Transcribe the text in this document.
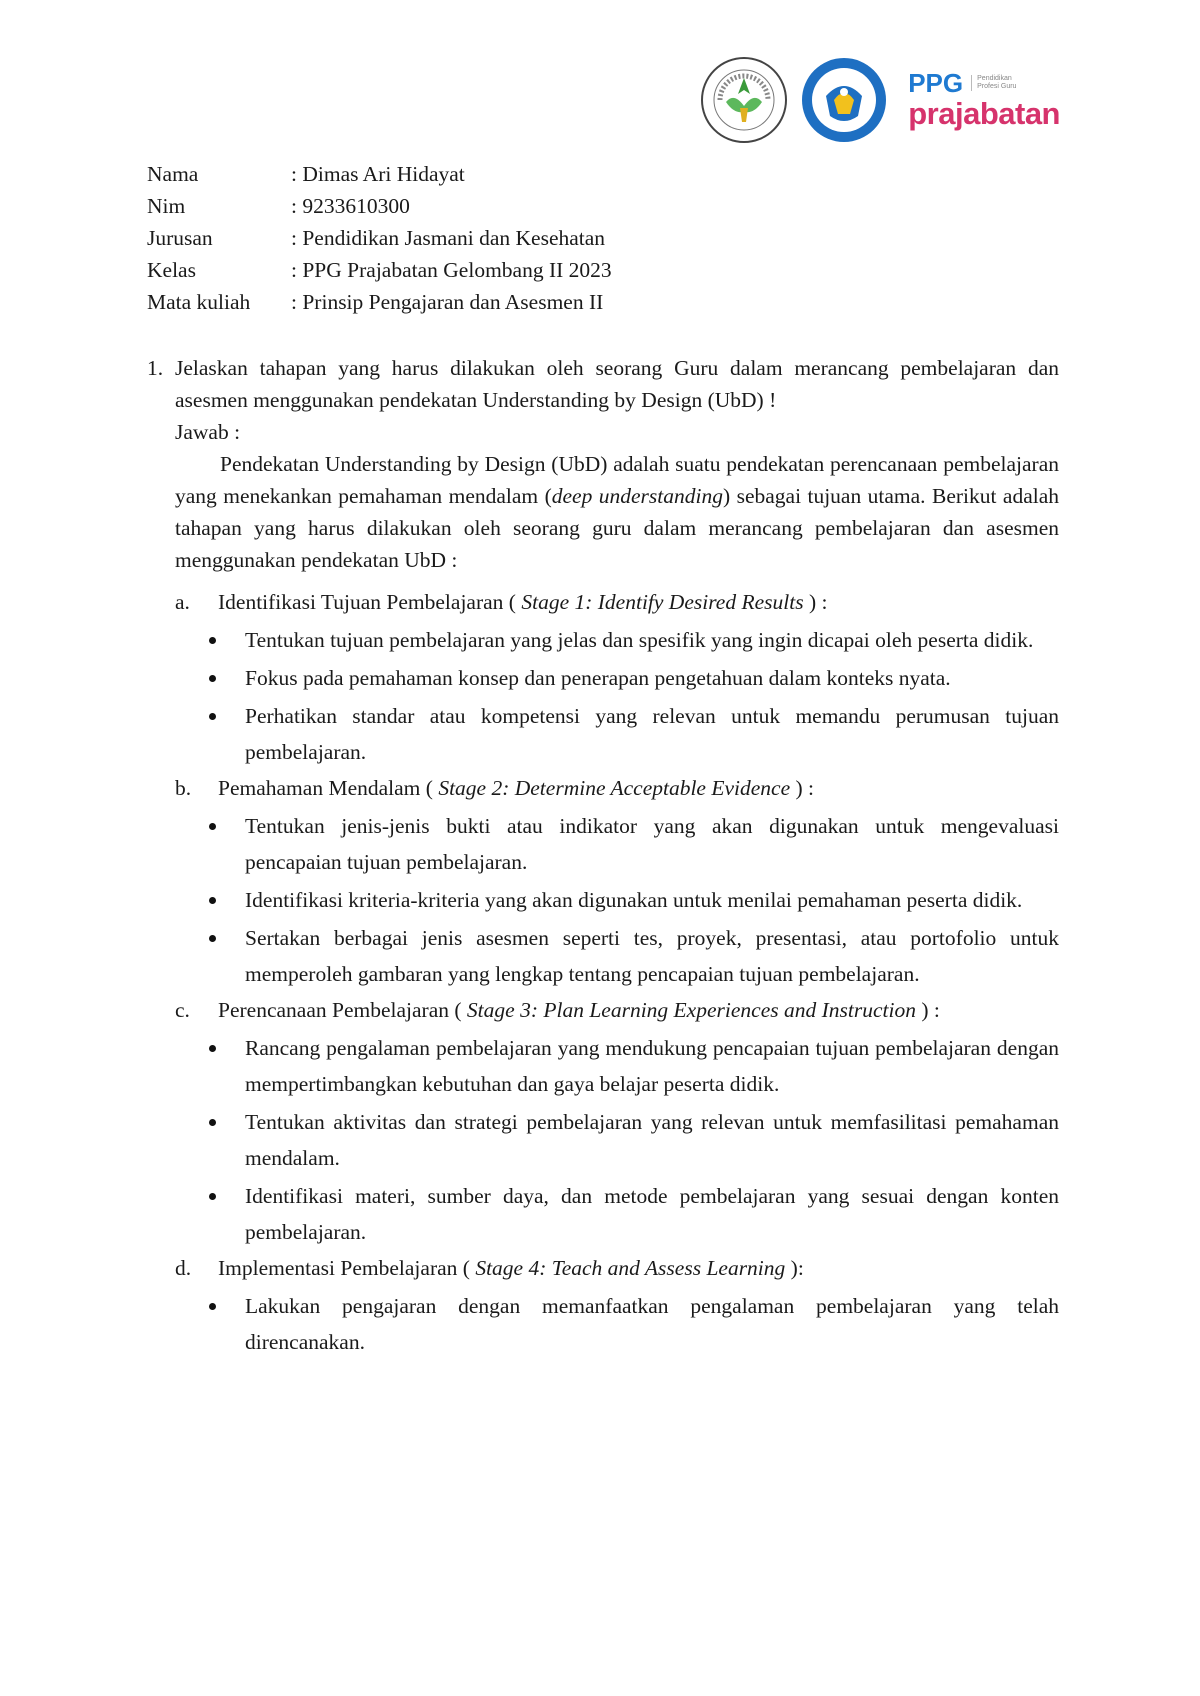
PPG	Pendidikan Profesi Guru
prajabatan
Nama	: Dimas Ari Hidayat
Nim	: 9233610300
Jurusan	: Pendidikan Jasmani dan Kesehatan
Kelas	: PPG Prajabatan Gelombang II 2023
Mata kuliah	: Prinsip Pengajaran dan Asesmen II
1. Jelaskan tahapan yang harus dilakukan oleh seorang Guru dalam merancang pembelajaran dan asesmen menggunakan pendekatan Understanding by Design (UbD) !

Jawab :

Pendekatan Understanding by Design (UbD) adalah suatu pendekatan perencanaan pembelajaran yang menekankan pemahaman mendalam (deep understanding) sebagai tujuan utama. Berikut adalah tahapan yang harus dilakukan oleh seorang guru dalam merancang pembelajaran dan asesmen menggunakan pendekatan UbD :

a.	Identifikasi Tujuan Pembelajaran ( Stage 1: Identify Desired Results ) :
Tentukan tujuan pembelajaran yang jelas dan spesifik yang ingin dicapai oleh peserta didik.
Fokus pada pemahaman konsep dan penerapan pengetahuan dalam konteks nyata.
Perhatikan standar atau kompetensi yang relevan untuk memandu perumusan tujuan pembelajaran.
b.	Pemahaman Mendalam ( Stage 2: Determine Acceptable Evidence ) :
Tentukan jenis-jenis bukti atau indikator yang akan digunakan untuk mengevaluasi pencapaian tujuan pembelajaran.
Identifikasi kriteria-kriteria yang akan digunakan untuk menilai pemahaman peserta didik.
Sertakan berbagai jenis asesmen seperti tes, proyek, presentasi, atau portofolio untuk memperoleh gambaran yang lengkap tentang pencapaian tujuan pembelajaran.
c.	Perencanaan Pembelajaran ( Stage 3: Plan Learning Experiences and Instruction ) :
Rancang pengalaman pembelajaran yang mendukung pencapaian tujuan pembelajaran dengan mempertimbangkan kebutuhan dan gaya belajar peserta didik.
Tentukan aktivitas dan strategi pembelajaran yang relevan untuk memfasilitasi pemahaman mendalam.
Identifikasi materi, sumber daya, dan metode pembelajaran yang sesuai dengan konten pembelajaran.
d.	Implementasi Pembelajaran ( Stage 4: Teach and Assess Learning ):
Lakukan pengajaran dengan memanfaatkan pengalaman pembelajaran yang telah direncanakan.
